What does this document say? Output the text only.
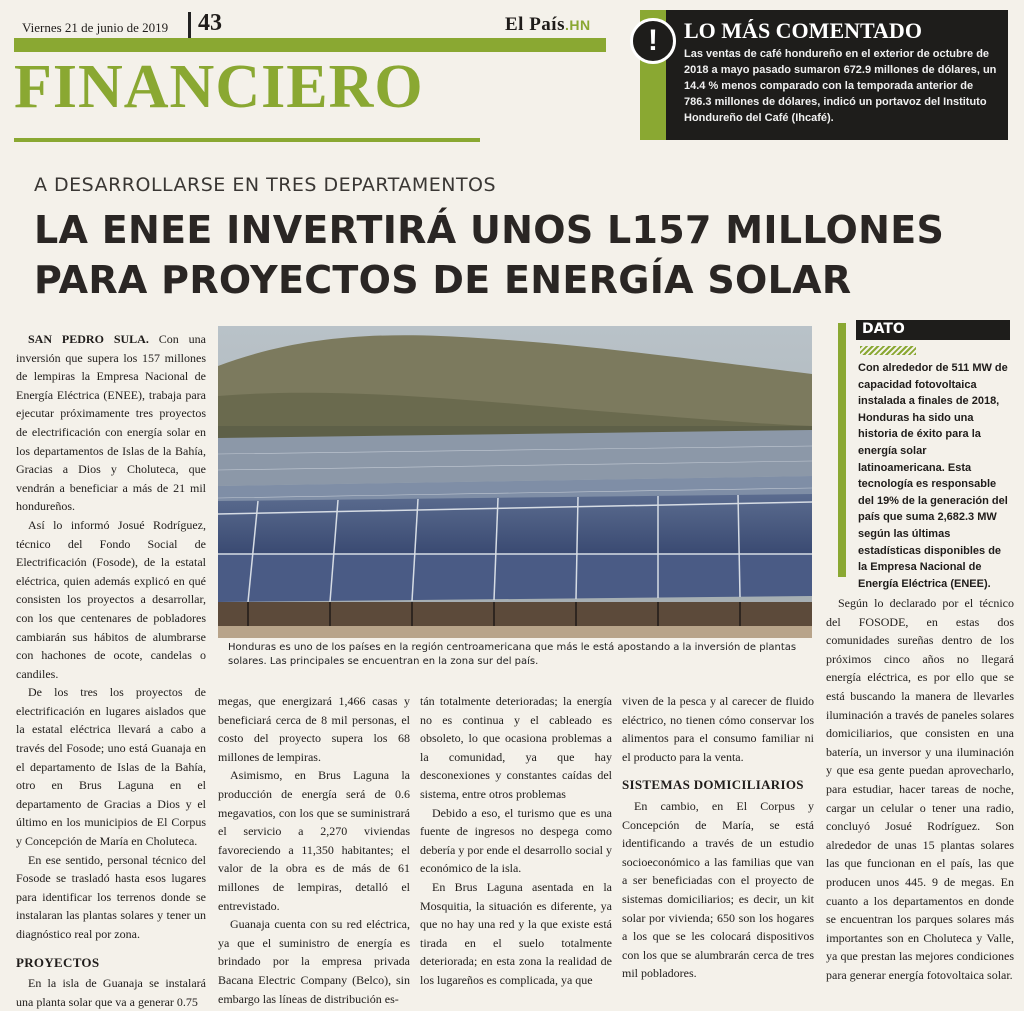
Viernes 21 de junio de 2019 43	El País.HN
FINANCIERO
LO MÁS COMENTADO
Las ventas de café hondureño en el exterior de octubre de 2018 a mayo pasado sumaron 672.9 millones de dólares, un 14.4 % menos comparado con la temporada anterior de 786.3 millones de dólares, indicó un portavoz del Instituto Hondureño del Café (Ihcafé).
!
A DESARROLLARSE EN TRES DEPARTAMENTOS
LA ENEE INVERTIRÁ UNOS L157 MILLONES PARA PROYECTOS DE ENERGÍA SOLAR

SAN PEDRO SULA. Con una inversión que supera los 157 millones de lempiras la Empresa Nacional de Energía Eléctrica (ENEE), trabaja para ejecutar próximamente tres proyectos de electrificación con energía solar en los departamentos de Islas de la Bahía, Gracias a Dios y Choluteca, que vendrán a beneficiar a más de 21 mil hondureños.

Así lo informó Josué Rodríguez, técnico del Fondo Social de Electrificación (Fosode), de la estatal eléctrica, quien además explicó en qué consisten los proyectos a desarrollar, con los que centenares de pobladores cambiarán sus hábitos de alumbrarse con hachones de ocote, candelas o candiles.

De los tres los proyectos de electrificación en lugares aislados que la estatal eléctrica llevará a cabo a través del Fosode; uno está Guanaja en el departamento de Islas de la Bahía, otro en Brus Laguna en el departamento de Gracias a Dios y el último en los municipios de El Corpus y Concepción de María en Choluteca.

En ese sentido, personal técnico del Fosode se trasladó hasta esos lugares para identificar los terrenos donde se instalaran las plantas solares y tener un diagnóstico real por zona.

PROYECTOS

En la isla de Guanaja se instalará una planta solar que va a generar 0.75

Honduras es uno de los países en la región centroamericana que más le está apostando a la inversión de plantas solares. Las principales se encuentran en la zona sur del país.

megas, que energizará 1,466 casas y beneficiará cerca de 8 mil personas, el costo del proyecto supera los 68 millones de lempiras.

Asimismo, en Brus Laguna la producción de energía será de 0.6 megavatios, con los que se suministrará el servicio a 2,270 viviendas favoreciendo a 11,350 habitantes; el valor de la obra es de más de 61 millones de lempiras, detalló el entrevistado.

Guanaja cuenta con su red eléctrica, ya que el suministro de energía es brindado por la empresa privada Bacana Electric Company (Belco), sin embargo las líneas de distribución es-

tán totalmente deterioradas; la energía no es continua y el cableado es obsoleto, lo que ocasiona problemas a la comunidad, ya que hay desconexiones y constantes caídas del sistema, entre otros problemas

Debido a eso, el turismo que es una fuente de ingresos no despega como debería y por ende el desarrollo social y económico de la isla.

En Brus Laguna asentada en la Mosquitia, la situación es diferente, ya que no hay una red y la que existe está tirada en el suelo totalmente deteriorada; en esta zona la realidad de los lugareños es complicada, ya que

viven de la pesca y al carecer de fluido eléctrico, no tienen cómo conservar los alimentos para el consumo familiar ni el producto para la venta.

SISTEMAS DOMICILIARIOS

En cambio, en El Corpus y Concepción de María, se está identificando a través de un estudio socioeconómico a las familias que van a ser beneficiadas con el proyecto de sistemas domiciliarios; es decir, un kit solar por vivienda; 650 son los hogares a los que se les colocará dispositivos con los que se alumbrarán cerca de tres mil pobladores.

DATO
Con alrededor de 511 MW de capacidad fotovoltaica instalada a finales de 2018, Honduras ha sido una historia de éxito para la energía solar latinoamericana. Esta tecnología es responsable del 19% de la generación del país que suma 2,682.3 MW según las últimas estadísticas disponibles de la Empresa Nacional de Energía Eléctrica (ENEE).

Según lo declarado por el técnico del FOSODE, en estas dos comunidades sureñas dentro de los próximos cinco años no llegará energía eléctrica, es por ello que se está buscando la manera de llevarles iluminación a través de paneles solares domiciliarios, que consisten en una batería, un inversor y una iluminación y que esa gente puedan aprovecharlo, para estudiar, hacer tareas de noche, cargar un celular o tener una radio, concluyó Josué Rodríguez. Son alrededor de unas 15 plantas solares las que funcionan en el país, las que producen unos 445. 9 de megas. En cuanto a los departamentos en donde se encuentran los parques solares más importantes son en Choluteca y Valle, ya que prestan las mejores condiciones para generar energía fotovoltaica solar.
